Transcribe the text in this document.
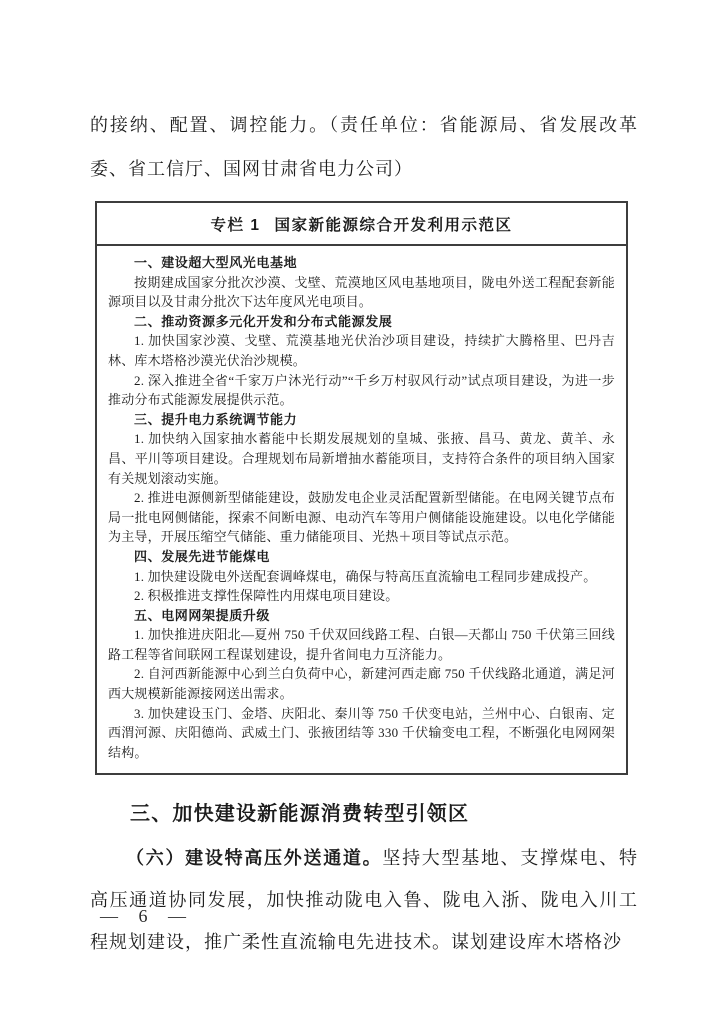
的接纳、配置、调控能力。（责任单位：省能源局、省发展改革委、省工信厅、国网甘肃省电力公司）

专栏 1 国家新能源综合开发利用示范区
一、建设超大型风光电基地

按期建成国家分批次沙漠、戈壁、荒漠地区风电基地项目，陇电外送工程配套新能源项目以及甘肃分批次下达年度风光电项目。

二、推动资源多元化开发和分布式能源发展

1. 加快国家沙漠、戈壁、荒漠基地光伏治沙项目建设，持续扩大腾格里、巴丹吉林、库木塔格沙漠光伏治沙规模。

2. 深入推进全省“千家万户沐光行动”“千乡万村驭风行动”试点项目建设，为进一步推动分布式能源发展提供示范。

三、提升电力系统调节能力

1. 加快纳入国家抽水蓄能中长期发展规划的皇城、张掖、昌马、黄龙、黄羊、永昌、平川等项目建设。合理规划布局新增抽水蓄能项目，支持符合条件的项目纳入国家有关规划滚动实施。

2. 推进电源侧新型储能建设，鼓励发电企业灵活配置新型储能。在电网关键节点布局一批电网侧储能，探索不间断电源、电动汽车等用户侧储能设施建设。以电化学储能为主导，开展压缩空气储能、重力储能项目、光热＋项目等试点示范。

四、发展先进节能煤电

1. 加快建设陇电外送配套调峰煤电，确保与特高压直流输电工程同步建成投产。

2. 积极推进支撑性保障性内用煤电项目建设。

五、电网网架提质升级

1. 加快推进庆阳北—夏州 750 千伏双回线路工程、白银—天都山 750 千伏第三回线路工程等省间联网工程谋划建设，提升省间电力互济能力。

2. 自河西新能源中心到兰白负荷中心，新建河西走廊 750 千伏线路北通道，满足河西大规模新能源接网送出需求。

3. 加快建设玉门、金塔、庆阳北、秦川等 750 千伏变电站，兰州中心、白银南、定西渭河源、庆阳德尚、武威土门、张掖团结等 330 千伏输变电工程，不断强化电网网架结构。

三、加快建设新能源消费转型引领区

（六）建设特高压外送通道。坚持大型基地、支撑煤电、特高压通道协同发展，加快推动陇电入鲁、陇电入浙、陇电入川工程规划建设，推广柔性直流输电先进技术。谋划建设库木塔格沙

— 6 —
